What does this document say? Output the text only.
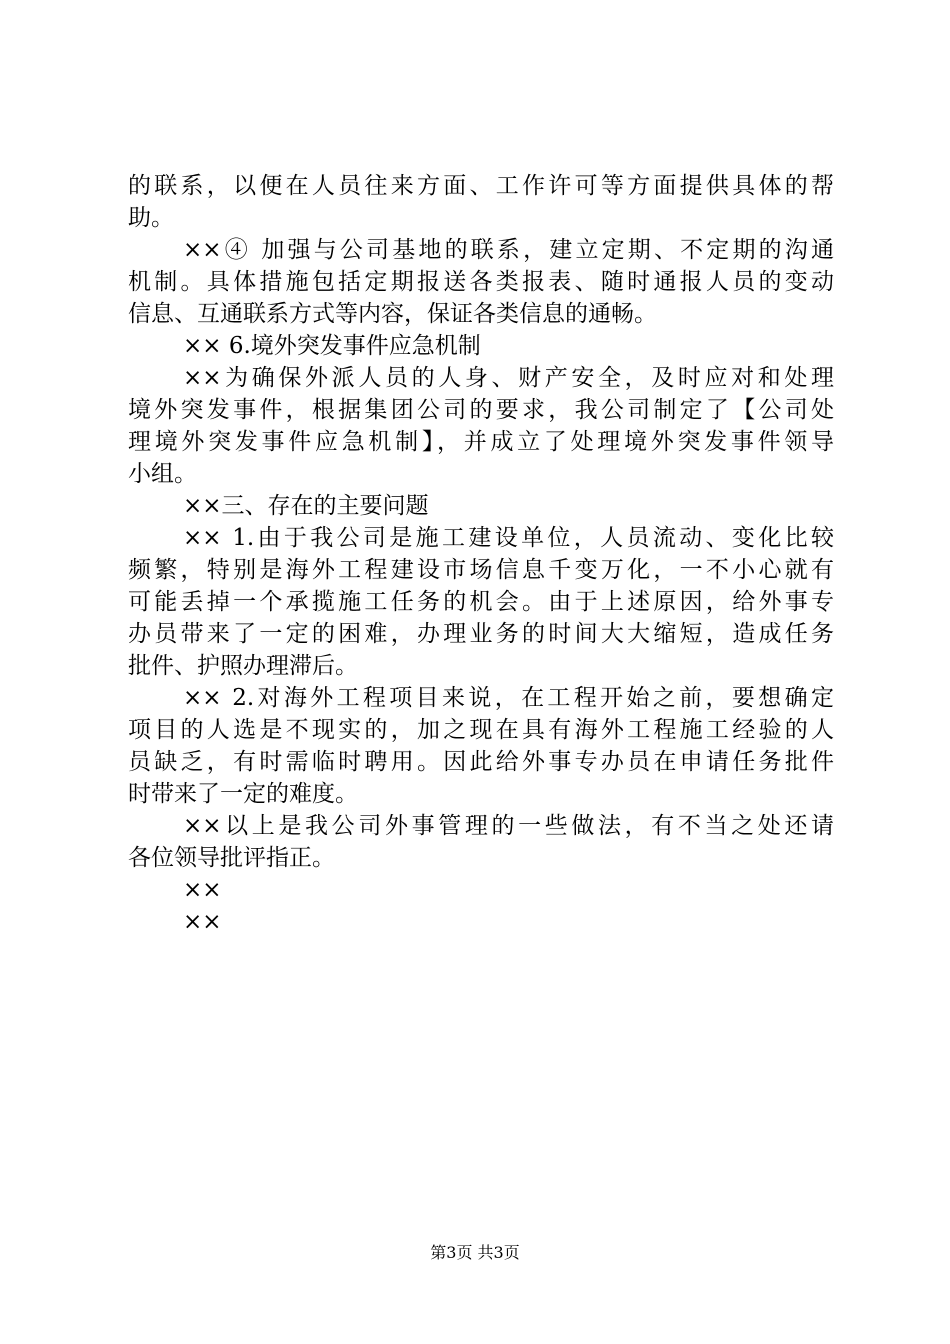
的联系，以便在人员往来方面、工作许可等方面提供具体的帮
助。
××④ 加强与公司基地的联系，建立定期、不定期的沟通
机制。具体措施包括定期报送各类报表、随时通报人员的变动
信息、互通联系方式等内容，保证各类信息的通畅。
×× 6.境外突发事件应急机制
××为确保外派人员的人身、财产安全，及时应对和处理
境外突发事件，根据集团公司的要求，我公司制定了【公司处
理境外突发事件应急机制】，并成立了处理境外突发事件领导
小组。
××三、存在的主要问题
×× 1.由于我公司是施工建设单位，人员流动、变化比较
频繁，特别是海外工程建设市场信息千变万化，一不小心就有
可能丢掉一个承揽施工任务的机会。由于上述原因，给外事专
办员带来了一定的困难，办理业务的时间大大缩短，造成任务
批件、护照办理滞后。
×× 2.对海外工程项目来说，在工程开始之前，要想确定
项目的人选是不现实的，加之现在具有海外工程施工经验的人
员缺乏，有时需临时聘用。因此给外事专办员在申请任务批件
时带来了一定的难度。
××以上是我公司外事管理的一些做法，有不当之处还请
各位领导批评指正。
××
××
第3页 共3页
